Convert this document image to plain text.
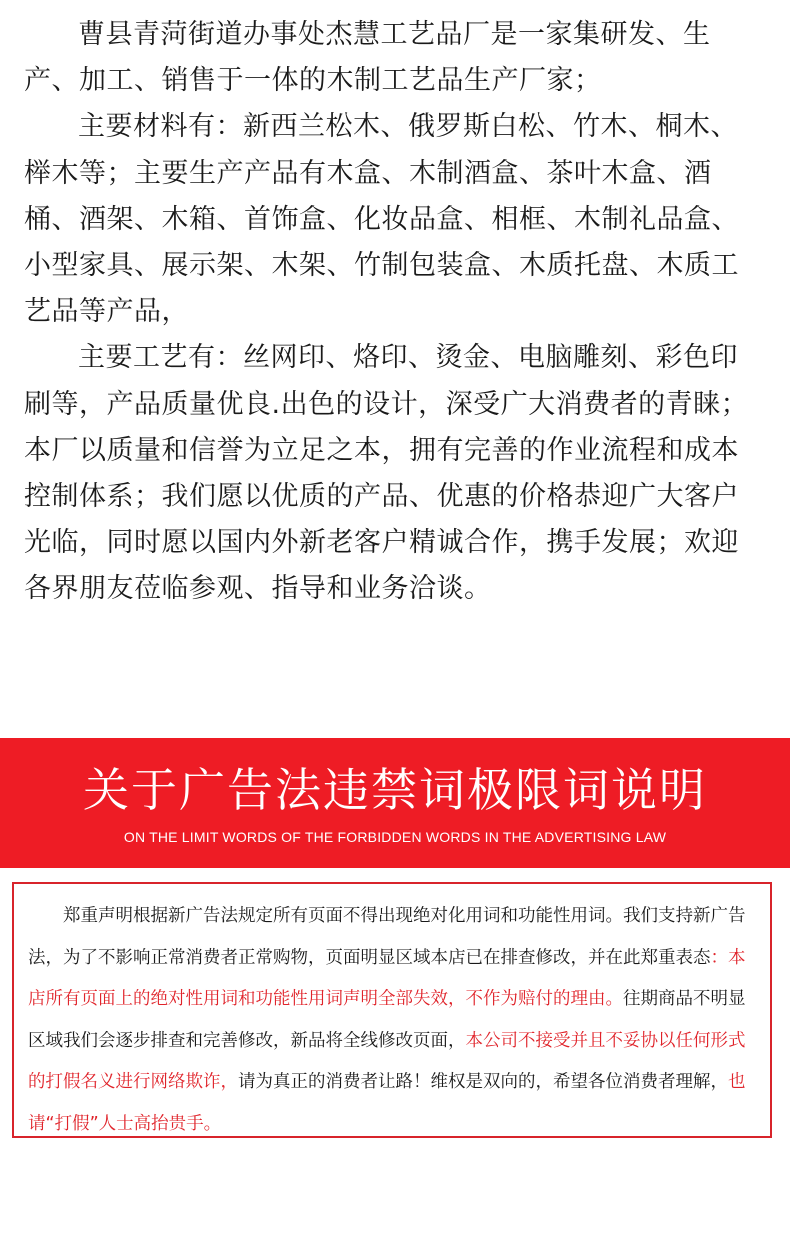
曹县青菏街道办事处杰慧工艺品厂是一家集研发、生产、加工、销售于一体的木制工艺品生产厂家；

主要材料有：新西兰松木、俄罗斯白松、竹木、桐木、榉木等；主要生产产品有木盒、木制酒盒、茶叶木盒、酒桶、酒架、木箱、首饰盒、化妆品盒、相框、木制礼品盒、小型家具、展示架、木架、竹制包装盒、木质托盘、木质工艺品等产品，

主要工艺有：丝网印、烙印、烫金、电脑雕刻、彩色印刷等，产品质量优良.出色的设计，深受广大消费者的青睐；本厂以质量和信誉为立足之本，拥有完善的作业流程和成本控制体系；我们愿以优质的产品、优惠的价格恭迎广大客户光临，同时愿以国内外新老客户精诚合作，携手发展；欢迎各界朋友莅临参观、指导和业务洽谈。

关于广告法违禁词极限词说明
ON THE LIMIT WORDS OF THE FORBIDDEN WORDS IN THE ADVERTISING LAW

郑重声明根据新广告法规定所有页面不得出现绝对化用词和功能性用词。我们支持新广告法，为了不影响正常消费者正常购物，页面明显区域本店已在排查修改，并在此郑重表态：本店所有页面上的绝对性用词和功能性用词声明全部失效，不作为赔付的理由。往期商品不明显区域我们会逐步排查和完善修改，新品将全线修改页面，本公司不接受并且不妥协以任何形式的打假名义进行网络欺诈，请为真正的消费者让路！维权是双向的，希望各位消费者理解，也请“打假”人士高抬贵手。
